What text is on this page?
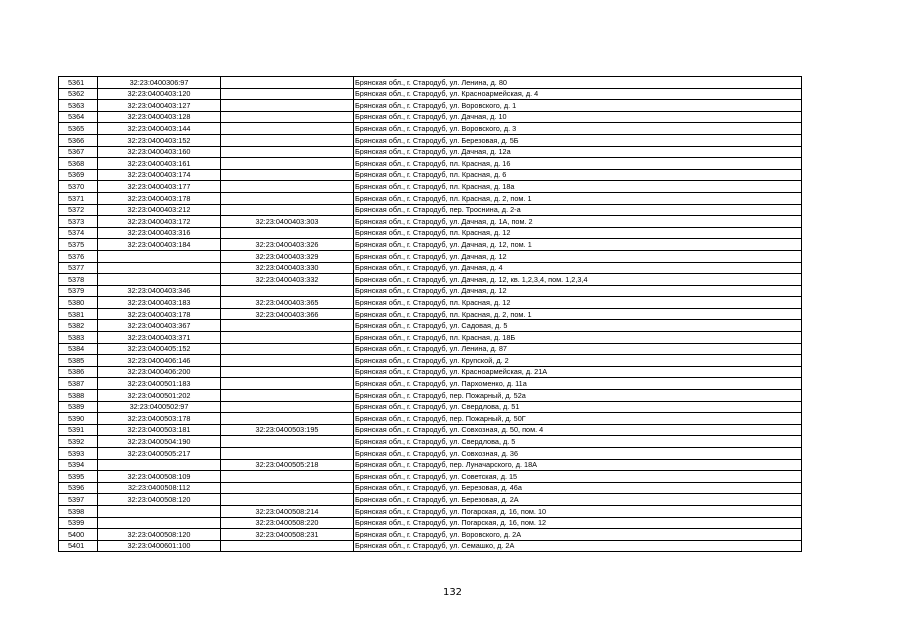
5361	32:23:0400306:97		Брянская обл., г. Стародуб, ул. Ленина, д. 80
5362	32:23:0400403:120		Брянская обл., г. Стародуб, ул. Красноармейская, д. 4
5363	32:23:0400403:127		Брянская обл., г. Стародуб, ул. Воровского, д. 1
5364	32:23:0400403:128		Брянская обл., г. Стародуб, ул. Дачная, д. 10
5365	32:23:0400403:144		Брянская обл., г. Стародуб, ул. Воровского, д. 3
5366	32:23:0400403:152		Брянская обл., г. Стародуб, ул. Березовая, д. 5Б
5367	32:23:0400403:160		Брянская обл., г. Стародуб, ул. Дачная, д. 12а
5368	32:23:0400403:161		Брянская обл., г. Стародуб, пл. Красная, д. 16
5369	32:23:0400403:174		Брянская обл., г. Стародуб, пл. Красная, д. 6
5370	32:23:0400403:177		Брянская обл., г. Стародуб, пл. Красная, д. 18а
5371	32:23:0400403:178		Брянская обл., г. Стародуб, пл. Красная, д. 2, пом. 1
5372	32:23:0400403:212		Брянская обл., г. Стародуб, пер. Троснина, д. 2-а
5373	32:23:0400403:172	32:23:0400403:303	Брянская обл., г. Стародуб, ул. Дачная, д. 1А, пом. 2
5374	32:23:0400403:316		Брянская обл., г. Стародуб, пл. Красная, д. 12
5375	32:23:0400403:184	32:23:0400403:326	Брянская обл., г. Стародуб, ул. Дачная, д. 12, пом. 1
5376		32:23:0400403:329	Брянская обл., г. Стародуб, ул. Дачная, д. 12
5377		32:23:0400403:330	Брянская обл., г. Стародуб, ул. Дачная, д. 4
5378		32:23:0400403:332	Брянская обл., г. Стародуб, ул. Дачная, д. 12, кв. 1,2,3,4, пом. 1,2,3,4
5379	32:23:0400403:346		Брянская обл., г. Стародуб, ул. Дачная, д. 12
5380	32:23:0400403:183	32:23:0400403:365	Брянская обл., г. Стародуб, пл. Красная, д. 12
5381	32:23:0400403:178	32:23:0400403:366	Брянская обл., г. Стародуб, пл. Красная, д. 2, пом. 1
5382	32:23:0400403:367		Брянская обл., г. Стародуб, ул. Садовая, д. 5
5383	32:23:0400403:371		Брянская обл., г. Стародуб, пл. Красная, д. 18Б
5384	32:23:0400405:152		Брянская обл., г. Стародуб, ул. Ленина, д. 87
5385	32:23:0400406:146		Брянская обл., г. Стародуб, ул. Крупской, д. 2
5386	32:23:0400406:200		Брянская обл., г. Стародуб, ул. Красноармейская, д. 21А
5387	32:23:0400501:183		Брянская обл., г. Стародуб, ул. Пархоменко, д. 11а
5388	32:23:0400501:202		Брянская обл., г. Стародуб, пер. Пожарный, д. 52а
5389	32:23:0400502:97		Брянская обл., г. Стародуб, ул. Свердлова, д. 51
5390	32:23:0400503:178		Брянская обл., г. Стародуб, пер. Пожарный, д. 50Г
5391	32:23:0400503:181	32:23:0400503:195	Брянская обл., г. Стародуб, ул. Совхозная, д. 50, пом. 4
5392	32:23:0400504:190		Брянская обл., г. Стародуб, ул. Свердлова, д. 5
5393	32:23:0400505:217		Брянская обл., г. Стародуб, ул. Совхозная, д. 36
5394		32:23:0400505:218	Брянская обл., г. Стародуб, пер. Луначарского, д. 18А
5395	32:23:0400508:109		Брянская обл., г. Стародуб, ул. Советская, д. 15
5396	32:23:0400508:112		Брянская обл., г. Стародуб, ул. Березовая, д. 46а
5397	32:23:0400508:120		Брянская обл., г. Стародуб, ул. Березовая, д. 2А
5398		32:23:0400508:214	Брянская обл., г. Стародуб, ул. Погарская, д. 16, пом. 10
5399		32:23:0400508:220	Брянская обл., г. Стародуб, ул. Погарская, д. 16, пом. 12
5400	32:23:0400508:120	32:23:0400508:231	Брянская обл., г. Стародуб, ул. Воровского, д. 2А
5401	32:23:0400601:100		Брянская обл., г. Стародуб, ул. Семашко, д. 2А
132
